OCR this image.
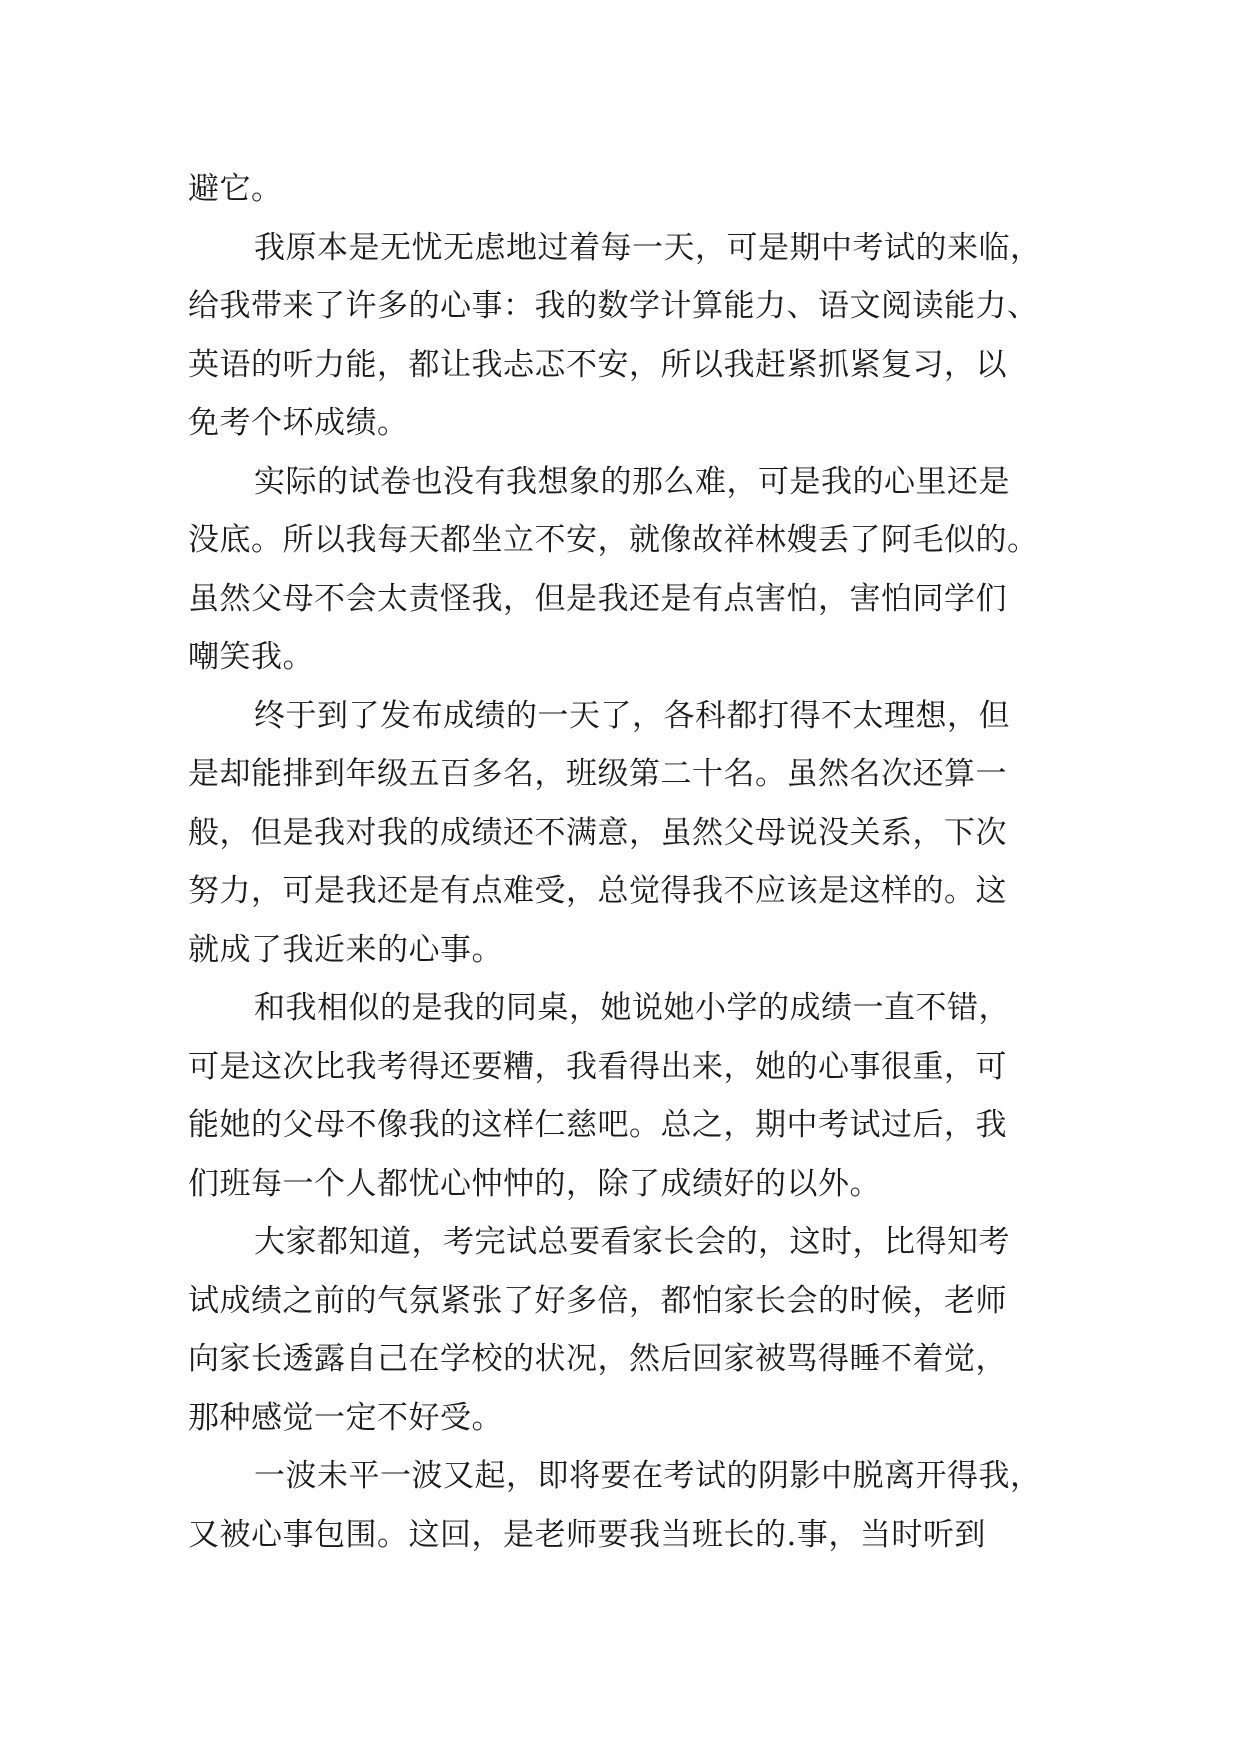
避它。
我原本是无忧无虑地过着每一天，可是期中考试的来临，
给我带来了许多的心事：我的数学计算能力、语文阅读能力、
英语的听力能，都让我忐忑不安，所以我赶紧抓紧复习，以
免考个坏成绩。
实际的试卷也没有我想象的那么难，可是我的心里还是
没底。所以我每天都坐立不安，就像故祥林嫂丢了阿毛似的。
虽然父母不会太责怪我，但是我还是有点害怕，害怕同学们
嘲笑我。
终于到了发布成绩的一天了，各科都打得不太理想，但
是却能排到年级五百多名，班级第二十名。虽然名次还算一
般，但是我对我的成绩还不满意，虽然父母说没关系，下次
努力，可是我还是有点难受，总觉得我不应该是这样的。这
就成了我近来的心事。
和我相似的是我的同桌，她说她小学的成绩一直不错，
可是这次比我考得还要糟，我看得出来，她的心事很重，可
能她的父母不像我的这样仁慈吧。总之，期中考试过后，我
们班每一个人都忧心忡忡的，除了成绩好的以外。
大家都知道，考完试总要看家长会的，这时，比得知考
试成绩之前的气氛紧张了好多倍，都怕家长会的时候，老师
向家长透露自己在学校的状况，然后回家被骂得睡不着觉，
那种感觉一定不好受。
一波未平一波又起，即将要在考试的阴影中脱离开得我，
又被心事包围。这回，是老师要我当班长的.事，当时听到
